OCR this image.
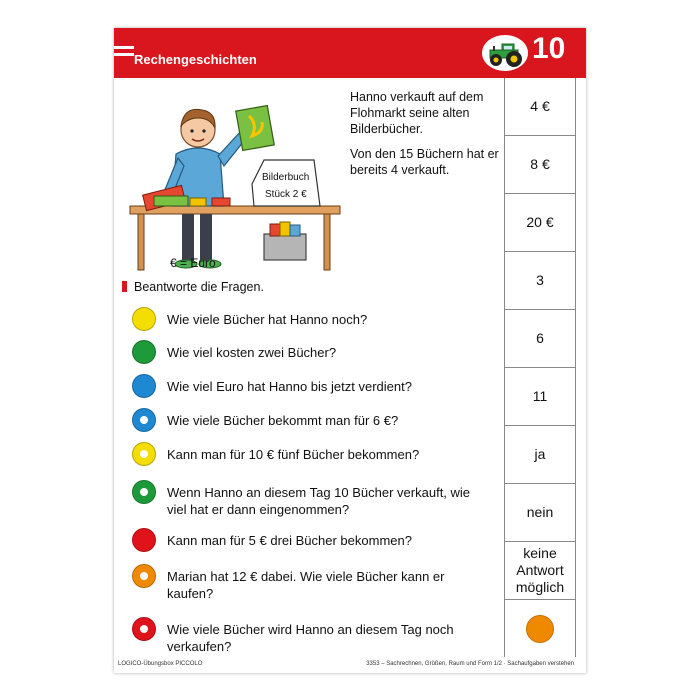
Rechengeschichten	10
Bilderbuch
Stück 2 €
€ = Euro

Hanno verkauft auf dem Flohmarkt seine alten Bilderbücher.

Von den 15 Büchern hat er bereits 4 verkauft.

Beantworte die Fragen.
Wie viele Bücher hat Hanno noch?
Wie viel kosten zwei Bücher?
Wie viel Euro hat Hanno bis jetzt verdient?
Wie viele Bücher bekommt man für 6 €?
Kann man für 10 € fünf Bücher bekommen?
Wenn Hanno an diesem Tag 10 Bücher verkauft, wie viel hat er dann eingenommen?
Kann man für 5 € drei Bücher bekommen?
Marian hat 12 € dabei. Wie viele Bücher kann er kaufen?
Wie viele Bücher wird Hanno an diesem Tag noch verkaufen?
4 €
8 €
20 €
3
6
11
ja
nein
keine Antwort möglich
LOGICO-Übungsbox PICCOLO	3353 – Sachrechnen, Größen, Raum und Form 1/2 · Sachaufgaben verstehen
